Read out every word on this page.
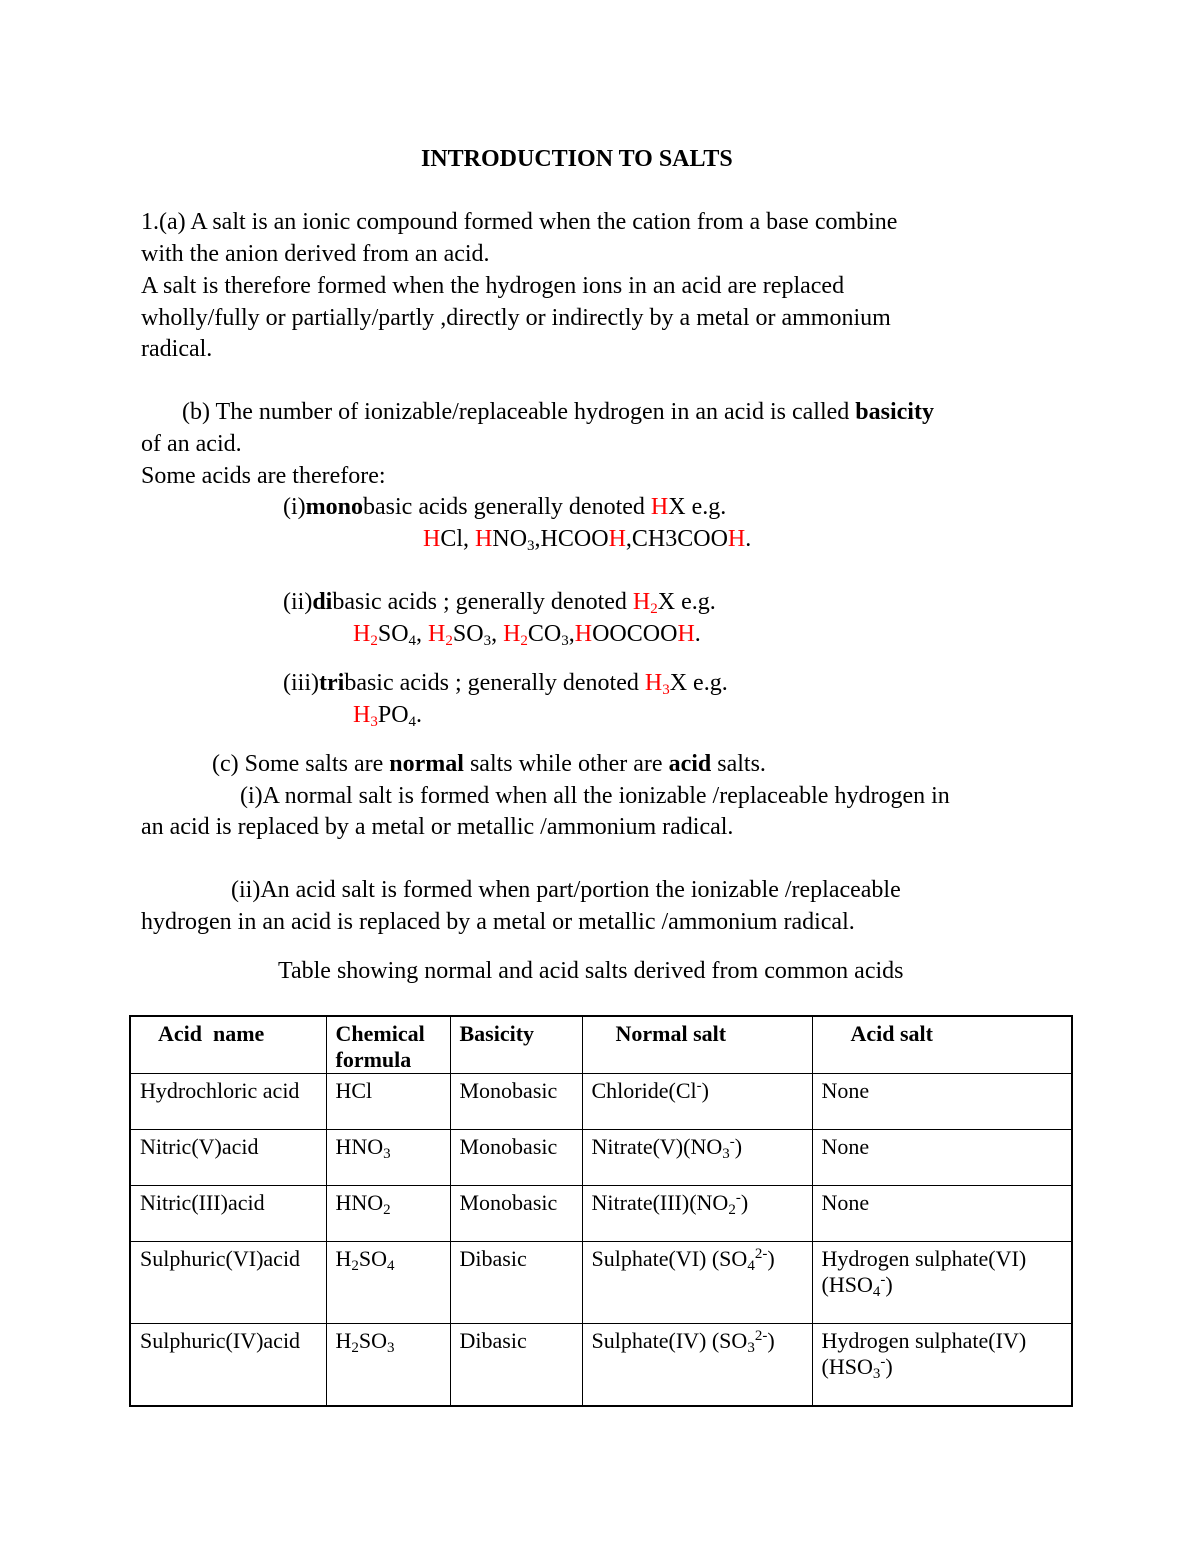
INTRODUCTION TO SALTS
1.(a) A salt is an ionic compound formed when the cation from a base combine
with the anion derived from an acid.
A salt is therefore formed when the hydrogen ions in an acid are replaced
wholly/fully or partially/partly ,directly or indirectly by a metal or ammonium
radical.
(b) The number of ionizable/replaceable hydrogen in an acid is called basicity
of an acid.
Some acids are therefore:
(i)monobasic acids generally denoted HX e.g.
HCl, $HNO_3,HCOOH,CH3COOH$.
(ii)dibasic acids ; generally denoted $H_2X$ e.g.
$H_2SO_4$, $H_2SO_3$, $H_2CO_3,HOOCOOH$.
(iii)tribasic acids ; generally denoted $H_3X$ e.g.
$H_3PO_4$.
(c) Some salts are normal salts while other are acid salts.
(i)A normal salt is formed when all the ionizable /replaceable hydrogen in
an acid is replaced by a metal or metallic /ammonium radical.
(ii)An acid salt is formed when part/portion the ionizable /replaceable
hydrogen in an acid is replaced by a metal or metallic /ammonium radical.
Table showing normal and acid salts derived from common acids
Acid  name	Chemical formula	Basicity	Normal salt	Acid salt
Hydrochloric acid	HCl	Monobasic	Chloride(Cl-)	None
Nitric(V)acid	$HNO_3$	Monobasic	$Nitrate(V)(NO_3^-)$	None
Nitric(III)acid	$HNO_2$	Monobasic	$Nitrate(III)(NO_2^-)$	None
Sulphuric(VI)acid	$H_2SO_4$	Dibasic	Sulphate(VI) $(SO_4^{2-})$	Hydrogen sulphate(VI)
$(HSO_4^-)$
Sulphuric(IV)acid	$H_2SO_3$	Dibasic	Sulphate(IV) $(SO_3^{2-})$	Hydrogen sulphate(IV)
$(HSO_3^-)$
